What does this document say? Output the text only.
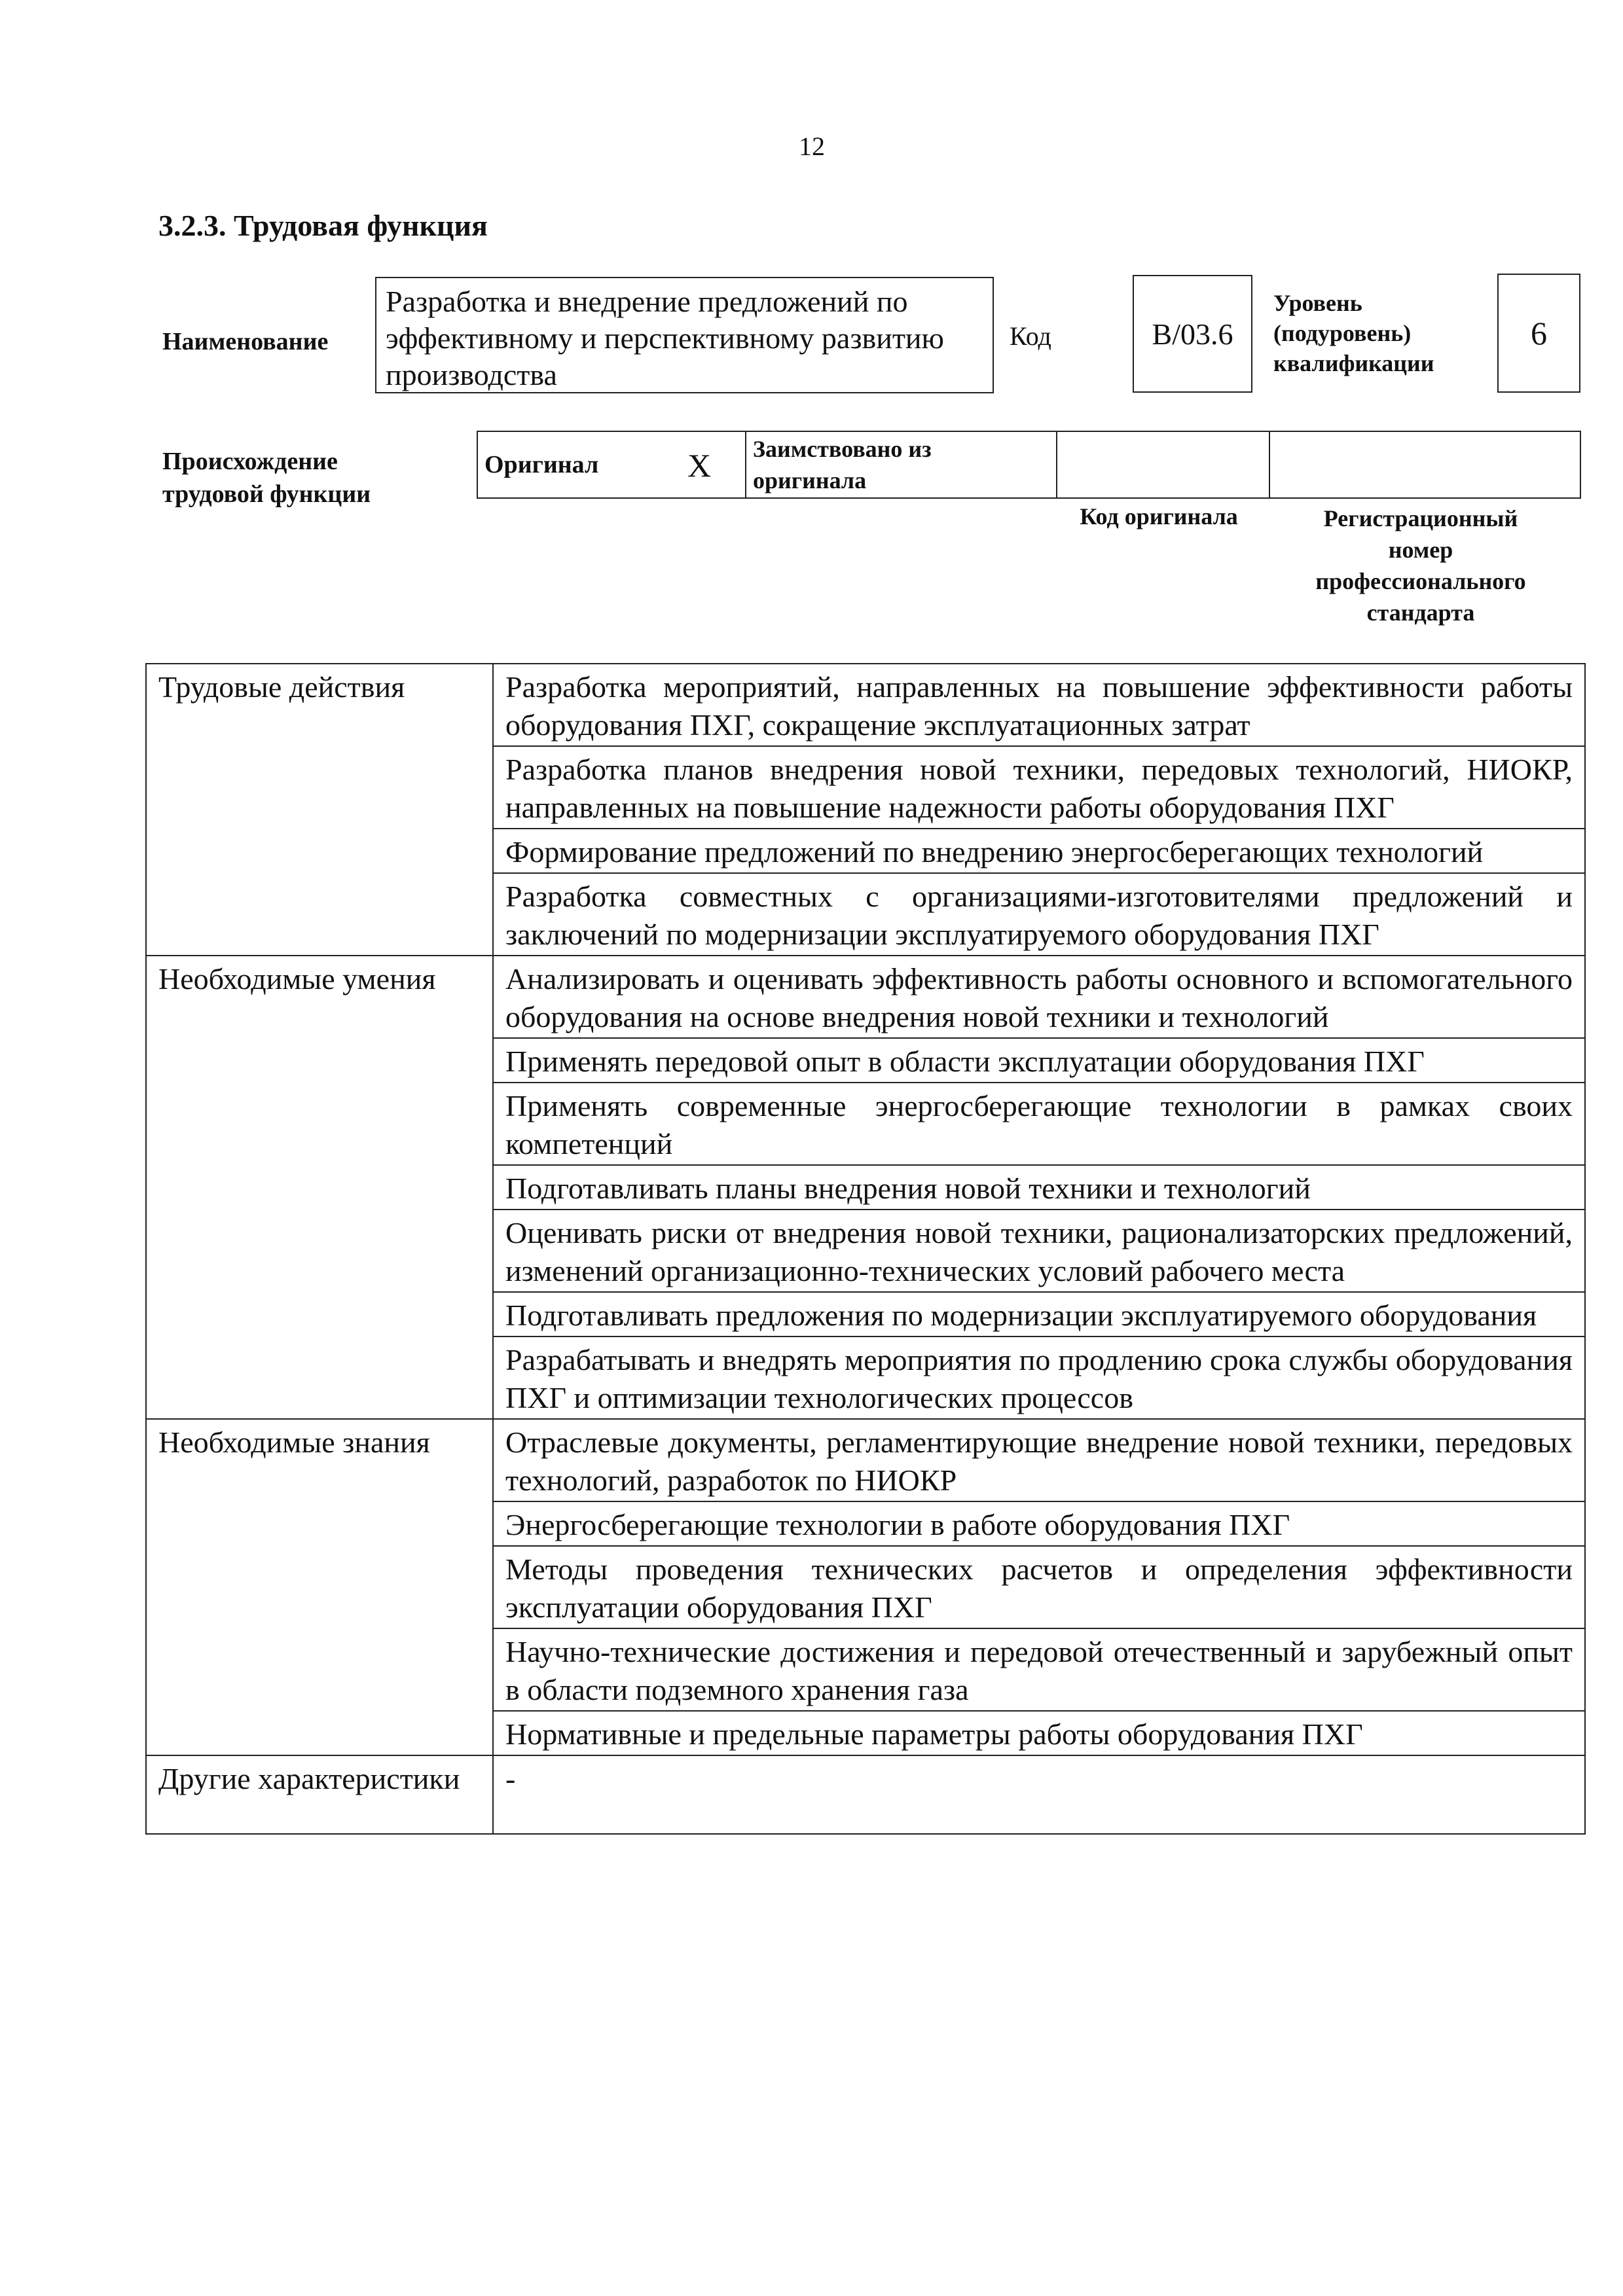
12
3.2.3. Трудовая функция
Наименование
Разработка и внедрение предложений по эффективному и перспективному развитию производства
Код	B/03.6
Уровень
(подуровень)
квалификации
6
Происхождение
трудовой функции
Оригинал	X	Заимствовано из оригинала		
Код оригинала	Регистрационный
номер
профессионального
стандарта
Трудовые действия	Разработка мероприятий, направленных на повышение эффективности работы оборудования ПХГ, сокращение эксплуатационных затрат
	Разработка планов внедрения новой техники, передовых технологий, НИОКР, направленных на повышение надежности работы оборудования ПХГ
	Формирование предложений по внедрению энергосберегающих технологий
	Разработка совместных с организациями-изготовителями предложений и заключений по модернизации эксплуатируемого оборудования ПХГ
Необходимые умения	Анализировать и оценивать эффективность работы основного и вспомогательного оборудования на основе внедрения новой техники и технологий
	Применять передовой опыт в области эксплуатации оборудования ПХГ
	Применять современные энергосберегающие технологии в рамках своих компетенций
	Подготавливать планы внедрения новой техники и технологий
	Оценивать риски от внедрения новой техники, рационализаторских предложений, изменений организационно-технических условий рабочего места
	Подготавливать предложения по модернизации эксплуатируемого оборудования
	Разрабатывать и внедрять мероприятия по продлению срока службы оборудования ПХГ и оптимизации технологических процессов
Необходимые знания	Отраслевые документы, регламентирующие внедрение новой техники, передовых технологий, разработок по НИОКР
	Энергосберегающие технологии в работе оборудования ПХГ
	Методы проведения технических расчетов и определения эффективности эксплуатации оборудования ПХГ
	Научно-технические достижения и передовой отечественный и зарубежный опыт в области подземного хранения газа
	Нормативные и предельные параметры работы оборудования ПХГ
Другие характеристики	-
